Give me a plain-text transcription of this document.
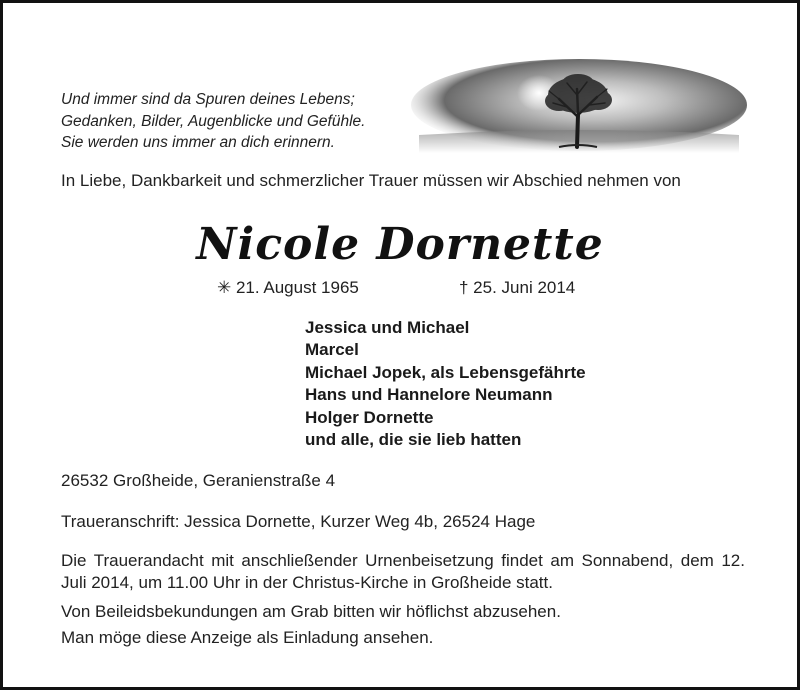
Und immer sind da Spuren deines Lebens;
Gedanken, Bilder, Augenblicke und Gefühle.
Sie werden uns immer an dich erinnern.
In Liebe, Dankbarkeit und schmerzlicher Trauer müssen wir Abschied nehmen von
Nicole Dornette
✳ 21. August 1965	† 25. Juni 2014
Jessica und Michael
Marcel
Michael Jopek, als Lebensgefährte
Hans und Hannelore Neumann
Holger Dornette
und alle, die sie lieb hatten
26532 Großheide, Geranienstraße 4
Traueranschrift: Jessica Dornette, Kurzer Weg 4b, 26524 Hage
Die Trauerandacht mit anschließender Urnenbeisetzung findet am Sonnabend, dem 12. Juli 2014, um 11.00 Uhr in der Christus-Kirche in Großheide statt.
Von Beileidsbekundungen am Grab bitten wir höflichst abzusehen.
Man möge diese Anzeige als Einladung ansehen.
